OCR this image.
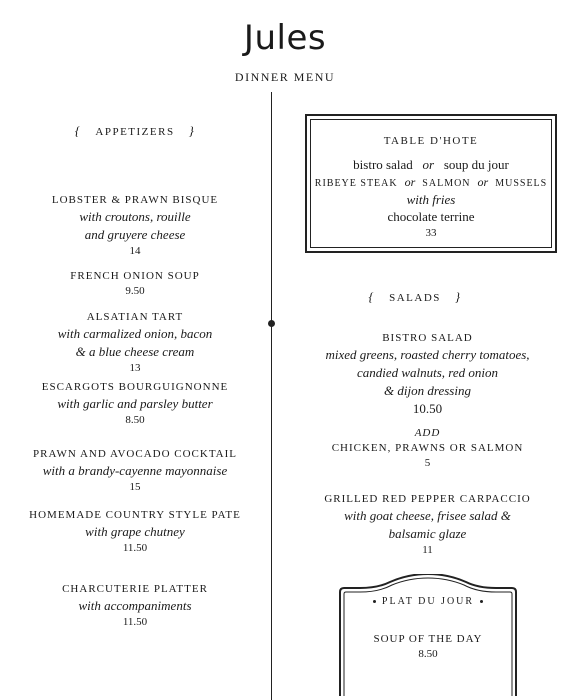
Jules
DINNER MENU
{ APPETIZERS }
LOBSTER & PRAWN BISQUE
with croutons, rouille
and gruyere cheese
14
FRENCH ONION SOUP
9.50
ALSATIAN TART
with carmalized onion, bacon
& a blue cheese cream
13
ESCARGOTS BOURGUIGNONNE
with garlic and parsley butter
8.50
PRAWN AND AVOCADO COCKTAIL
with a brandy-cayenne mayonnaise
15
HOMEMADE COUNTRY STYLE PATE
with grape chutney
11.50
CHARCUTERIE PLATTER
with accompaniments
11.50
TABLE D'HOTE
bistro salad or soup du jour
RIBEYE STEAK or SALMON or MUSSELS
with fries
chocolate terrine
33
{ SALADS }
BISTRO SALAD
mixed greens, roasted cherry tomatoes,
candied walnuts, red onion
& dijon dressing
10.50
ADD
CHICKEN, PRAWNS OR SALMON
5
GRILLED RED PEPPER CARPACCIO
with goat cheese, frisee salad &
balsamic glaze
11
PLAT DU JOUR
SOUP OF THE DAY
8.50
